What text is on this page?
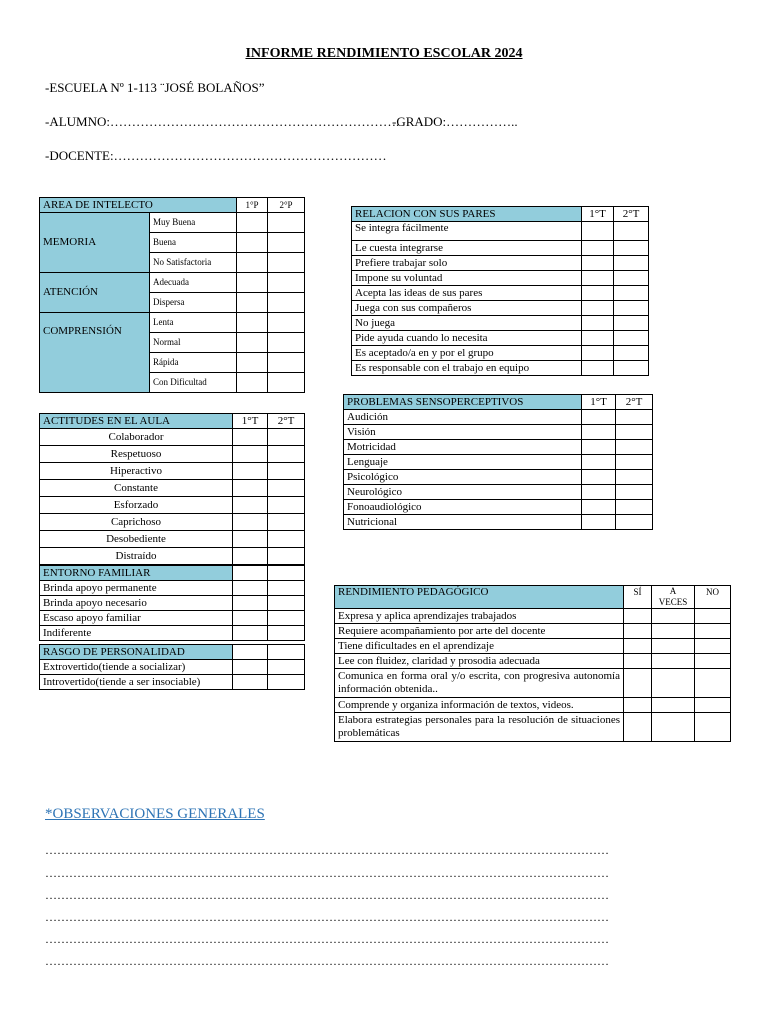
INFORME RENDIMIENTO ESCOLAR 2024
-ESCUELA Nº 1-113 ¨JOSÉ BOLAÑOS”
-ALUMNO:………………………………………………………….
-GRADO:……………..
-DOCENTE:………………………………………………………
AREA DE INTELECTO		1°P	2°P
MEMORIA	Muy Buena		
	Buena		
	No Satisfactoria		
ATENCIÓN	Adecuada		
	Dispersa		
COMPRENSIÓN	Lenta		
	Normal		
	Rápida		
	Con Dificultad		
ACTITUDES EN EL AULA	1°T	2°T
Colaborador		
Respetuoso		
Hiperactivo		
Constante		
Esforzado		
Caprichoso		
Desobediente		
Distraído		
ENTORNO FAMILIAR		
Brinda apoyo permanente		
Brinda apoyo necesario		
Escaso apoyo familiar		
Indiferente		

RASGO DE PERSONALIDAD		
Extrovertido(tiende a socializar)		
Introvertido(tiende a ser insociable)		
RELACION CON SUS PARES	1°T	2°T
Se integra fácilmente		
Le cuesta integrarse		
Prefiere trabajar solo		
Impone su voluntad		
Acepta las ideas de sus pares		
Juega con sus compañeros		
No juega		
Pide ayuda cuando lo necesita		
Es aceptado/a en y por el grupo		
Es responsable con el trabajo en equipo		
PROBLEMAS SENSOPERCEPTIVOS	1°T	2°T
Audición		
Visión		
Motricidad		
Lenguaje		
Psicológico		
Neurológico		
Fonoaudiológico		
Nutricional		
RENDIMIENTO PEDAGÓGICO	SÍ	A VECES	NO
Expresa y aplica aprendizajes trabajados			
Requiere acompañamiento por arte del docente			
Tiene dificultades en el aprendizaje			
Lee con fluidez, claridad y prosodia adecuada			
Comunica en forma oral y/o escrita, con progresiva autonomía información obtenida..			
Comprende y organiza información de textos, videos.			
Elabora estrategias personales para la resolución de situaciones problemáticas			
*OBSERVACIONES GENERALES
……………………………………………………………………………………………………………………………
……………………………………………………………………………………………………………………………
……………………………………………………………………………………………………………………………
……………………………………………………………………………………………………………………………
……………………………………………………………………………………………………………………………
……………………………………………………………………………………………………………………………
